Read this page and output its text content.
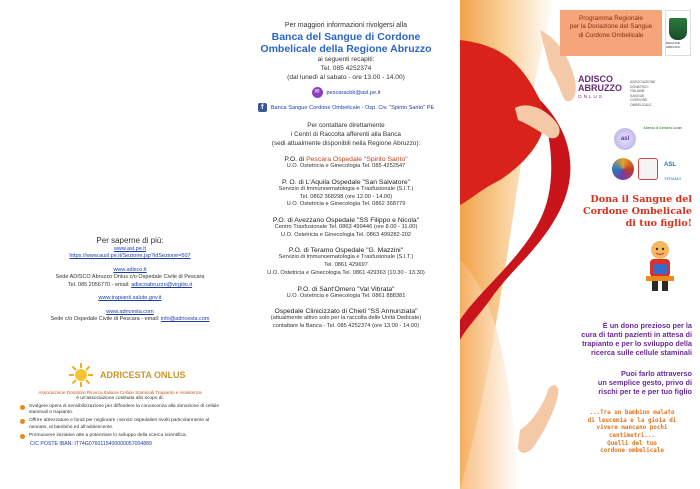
Per saperne di più:
www.asl.pe.it
https://www.ausl.pe.it/Sezione.jsp?idSezione=507
www.adisco.it
Sede ADISCO Abruzzo Onlus c/o Ospedale Civile di Pescara
Tel. 085 2056770 - email: adiscoabruzzo@virgilio.it
www.trapianti.salute.gov.it
www.adricesta.com
Sede c/o Ospedale Civile di Pescara - email: info@adricesta.com
ADRICESTA ONLUS
Associazione Donatore Ricerca Italiana Cellule Staminali Trapianto e Assistenza
è un'associazione costituita allo scopo di:
Svolgere opera di sensibilizzazione per diffondere la conoscenza alla donazione di cellule staminali e trapianto.
Offrire attrezzature e fondi per migliorare i servizi ospedalieri rivolti particolarmente al neonato, al bambino ed all'adolescente.
Promuovere iniziative atte a potenziare lo sviluppo della ricerca scientifica.
C/C POSTE IBAN: IT74G0760115400000057004889
Per maggiori informazioni rivolgersi alla
Banca del Sangue di Cordone
Ombelicale della Regione Abruzzo
ai seguenti recapiti:
Tel. 085 4252374
(dal lunedì al sabato - ore 13.00 - 14.00)
✉	pescaracbb@asl.pe.it
f	Banca Sangue Cordone Ombelicale - Osp. Civ. "Spirito Santo" PE
Per contattare direttamente
i Centri di Raccolta afferenti alla Banca
(sedi attualmente disponibili nella Regione Abruzzo):
P.O. di Pescara Ospedale "Spirito Santo"
U.O. Ostetricia e Ginecologia Tel. 085 4252547
P. O. di L'Aquila Ospedale "San Salvatore"
Servizio di Immunoematologia e Trasfusionale (S.I.T.)
Tel. 0862 368298 (ore 12.00 - 14.00)
U.O. Ostetricia e Ginecologia Tel. 0862 368779
P.O. di Avezzano Ospedale "SS Filippo e Nicola"
Centro Trasfusionale Tel. 0863 499446 (ore 8.00 - 11.00)
U.O. Ostetricia e Ginecologia Tel. 0863 499282-202
P.O. di Teramo Ospedale "G. Mazzini"
Servizio di Immunoematologia e Trasfusionale (S.I.T.)
Tel. 0861 429697
U.O. Ostetricia e Ginecologia Tel. 0861 429363 (10.30 - 13.30)
P.O. di Sant'Omero "Val Vibrata"
U.O. Ostetricia e Ginecologia Tel. 0861 888381
Ospedale Clinicizzato di Chieti "SS Annunziata"
(attualmente attivo solo per la raccolta delle Unità Dedicate)
contattare la Banca - Tel. 085 4252374 (ore 13.00 - 14.00)
Programma Regionale
per la Donazione del Sangue
di Cordone Ombelicale
REGIONE ABRUZZO
ADISCO
ABRUZZO
ONLUS
ASSOCIAZIONE
DONATRICI
ITALIANE
SANGUE
CORDONE
OMBELICALE
asl
Azienda di Sanitaria Locale
ASL
TERAMO
Dona il Sangue del
Cordone Ombelicale
di tuo figlio!
È un dono prezioso per la
cura di tanti pazienti in attesa di
trapianto e per lo sviluppo della
ricerca sulle cellule staminali
Puoi farlo attraverso
un semplice gesto, privo di
rischi per te e per tuo figlio
...Tra un bambino malato
di leucemia e la gioia di
vivere mancano pochi
centimetri...
Quelli del tuo
cordone ombelicale
